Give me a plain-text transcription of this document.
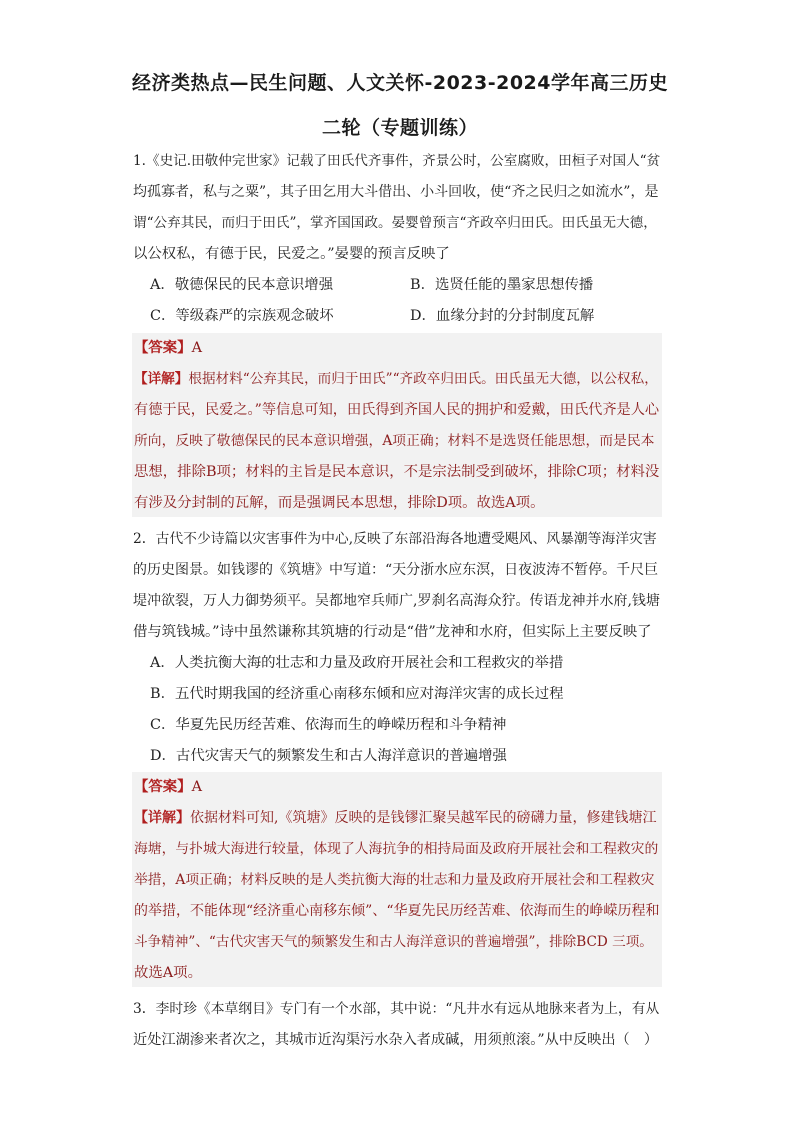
经济类热点—民生问题、人文关怀-2023-2024学年高三历史
二轮（专题训练）
1.《史记.田敬仲完世家》记载了田氏代齐事件，齐景公时，公室腐败，田桓子对国人“贫
均孤寡者，私与之粟”，其子田乞用大斗借出、小斗回收，使“齐之民归之如流水”，是
谓“公弃其民，而归于田氏”，掌齐国国政。晏婴曾预言“齐政卒归田氏。田氏虽无大德，
以公权私，有德于民，民爱之。”晏婴的预言反映了
A．敬德保民的民本意识增强	B．选贤任能的墨家思想传播
C．等级森严的宗族观念破坏	D．血缘分封的分封制度瓦解
【答案】A
【详解】根据材料“公弃其民，而归于田氏”“齐政卒归田氏。田氏虽无大德，以公权私，
有德于民，民爱之。”等信息可知，田氏得到齐国人民的拥护和爱戴，田氏代齐是人心
所向，反映了敬德保民的民本意识增强，A项正确；材料不是选贤任能思想，而是民本
思想，排除B项；材料的主旨是民本意识，不是宗法制受到破坏，排除C项；材料没
有涉及分封制的瓦解，而是强调民本思想，排除D项。故选A项。
2．古代不少诗篇以灾害事件为中心,反映了东部沿海各地遭受飓风、风暴潮等海洋灾害
的历史图景。如钱谬的《筑塘》中写道：“天分浙水应东溟，日夜波涛不暂停。千尺巨
堤冲欲裂，万人力御势须平。吴都地窄兵师广,罗刹名高海众狞。传语龙神并水府,钱塘
借与筑钱城。”诗中虽然谦称其筑塘的行动是“借”龙神和水府，但实际上主要反映了
A．人类抗衡大海的壮志和力量及政府开展社会和工程救灾的举措
B．五代时期我国的经济重心南移东倾和应对海洋灾害的成长过程
C．华夏先民历经苦难、依海而生的峥嵘历程和斗争精神
D．古代灾害天气的频繁发生和古人海洋意识的普遍增强
【答案】A
【详解】依据材料可知,《筑塘》反映的是钱镠汇聚吴越军民的磅礴力量，修建钱塘江
海塘，与扑城大海进行较量，体现了人海抗争的相持局面及政府开展社会和工程救灾的
举措，A项正确；材料反映的是人类抗衡大海的壮志和力量及政府开展社会和工程救灾
的举措，不能体现“经济重心南移东倾”、“华夏先民历经苦难、依海而生的峥嵘历程和
斗争精神”、“古代灾害天气的频繁发生和古人海洋意识的普遍增强”，排除BCD 三项。
故选A项。
3．李时珍《本草纲目》专门有一个水部，其中说：“凡井水有远从地脉来者为上，有从
近处江湖渗来者次之，其城市近沟渠污水杂入者成碱，用须煎滚。”从中反映出（　）
